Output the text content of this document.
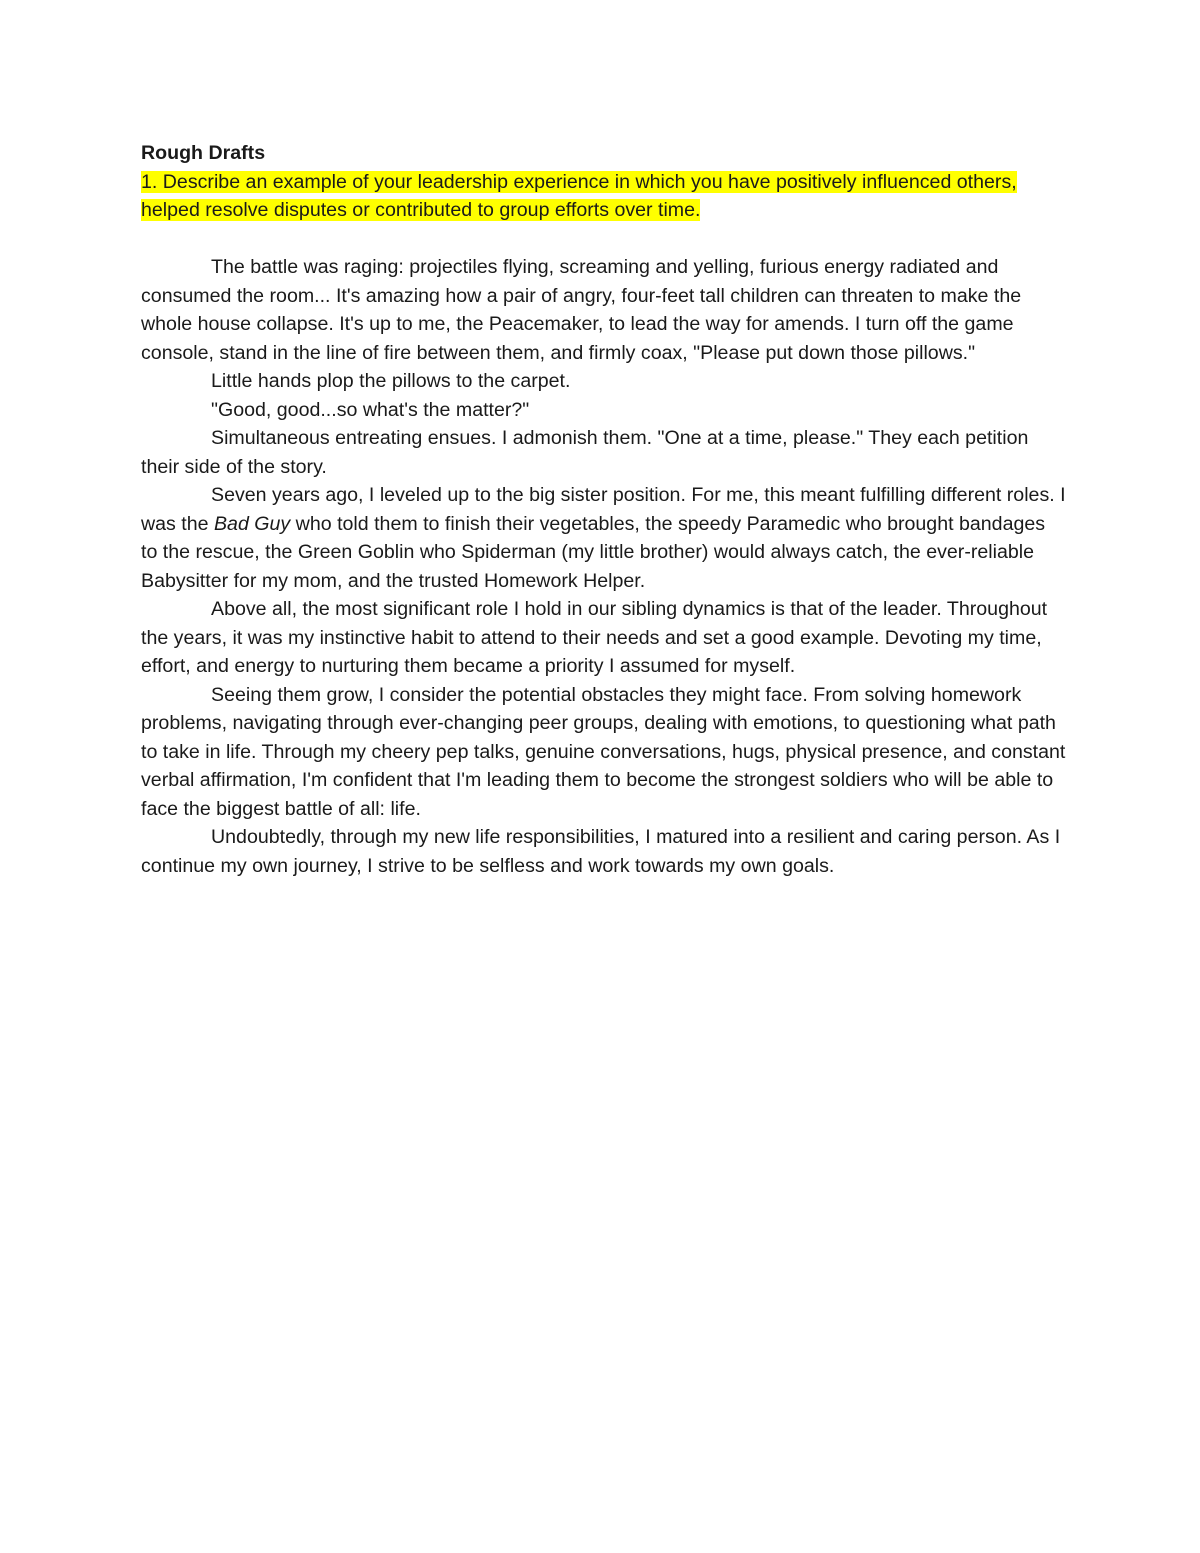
Rough Drafts

1. Describe an example of your leadership experience in which you have positively influenced others, helped resolve disputes or contributed to group efforts over time.

The battle was raging: projectiles flying, screaming and yelling, furious energy radiated and consumed the room... It's amazing how a pair of angry, four-feet tall children can threaten to make the whole house collapse. It's up to me, the Peacemaker, to lead the way for amends. I turn off the game console, stand in the line of fire between them, and firmly coax, "Please put down those pillows."

Little hands plop the pillows to the carpet.

"Good, good...so what's the matter?"

Simultaneous entreating ensues. I admonish them. "One at a time, please." They each petition their side of the story.

Seven years ago, I leveled up to the big sister position. For me, this meant fulfilling different roles. I was the Bad Guy who told them to finish their vegetables, the speedy Paramedic who brought bandages to the rescue, the Green Goblin who Spiderman (my little brother) would always catch, the ever-reliable Babysitter for my mom, and the trusted Homework Helper.

Above all, the most significant role I hold in our sibling dynamics is that of the leader. Throughout the years, it was my instinctive habit to attend to their needs and set a good example. Devoting my time, effort, and energy to nurturing them became a priority I assumed for myself.

Seeing them grow, I consider the potential obstacles they might face. From solving homework problems, navigating through ever-changing peer groups, dealing with emotions, to questioning what path to take in life. Through my cheery pep talks, genuine conversations, hugs, physical presence, and constant verbal affirmation, I'm confident that I'm leading them to become the strongest soldiers who will be able to face the biggest battle of all: life.

Undoubtedly, through my new life responsibilities, I matured into a resilient and caring person. As I continue my own journey, I strive to be selfless and work towards my own goals.
